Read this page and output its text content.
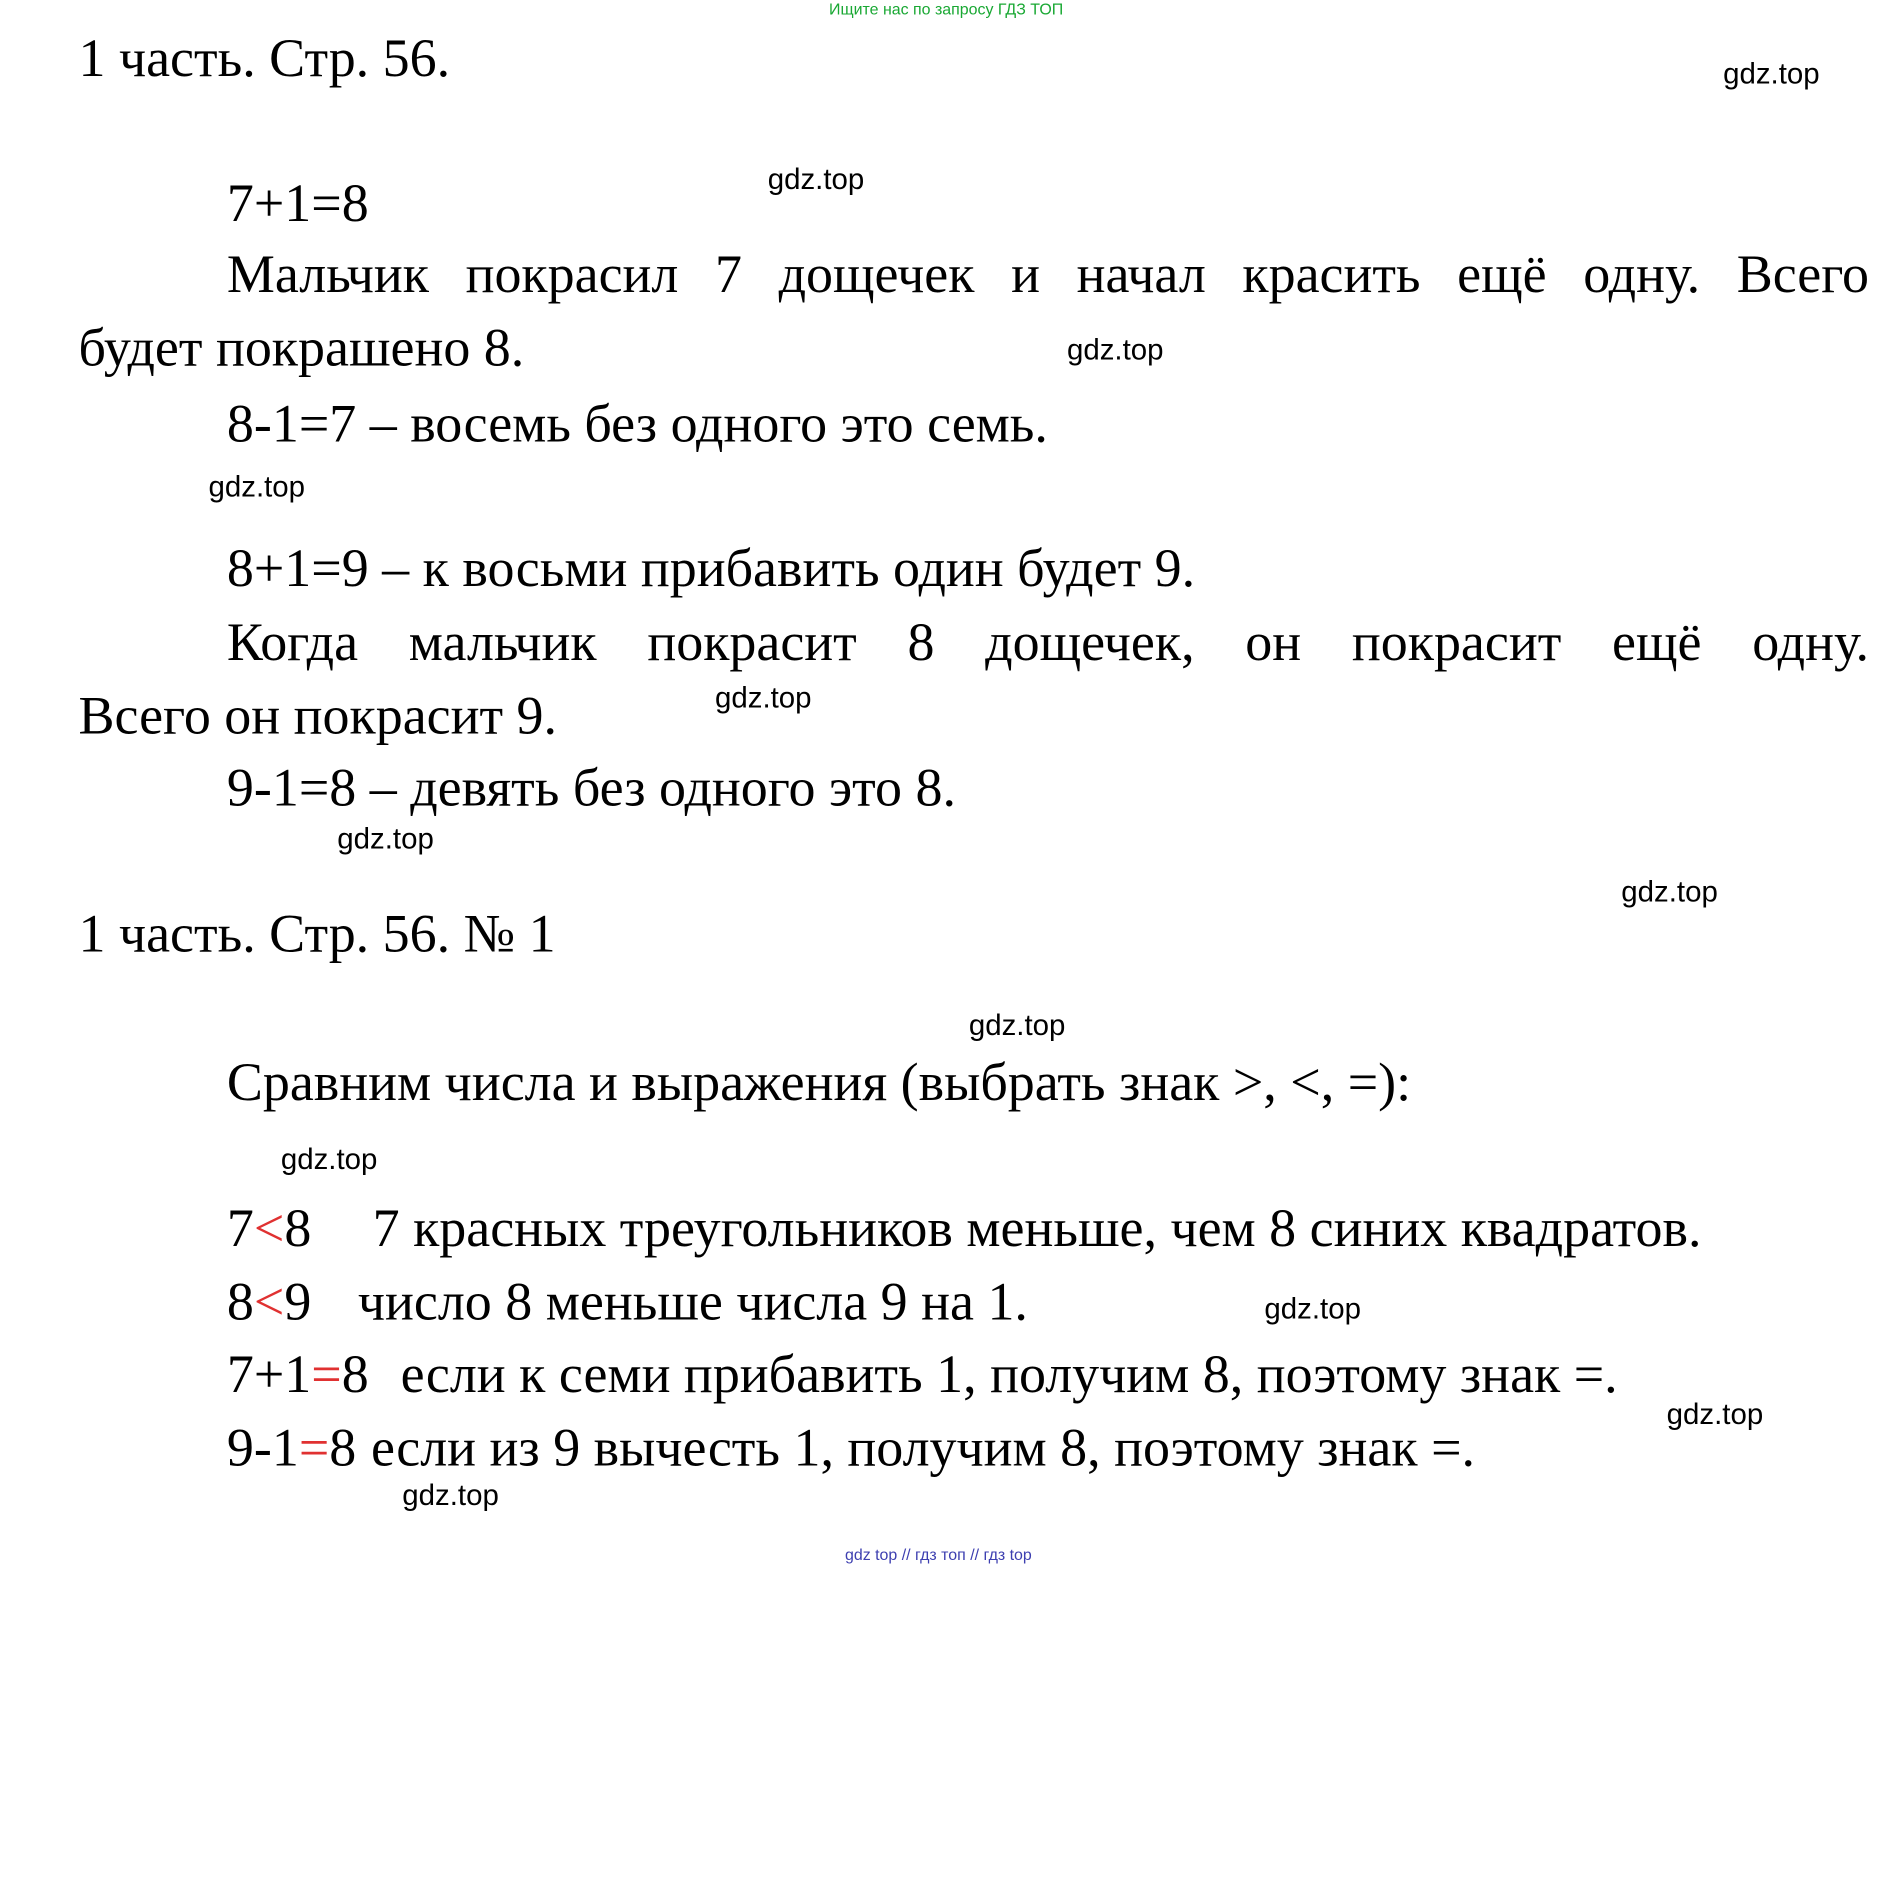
Ищите нас по запросу ГДЗ ТОП
1 часть. Стр. 56.
7+1=8
Мальчик покрасил 7 дощечек и начал красить ещё одну. Всего
будет покрашено 8.
8-1=7 – восемь без одного это семь.
8+1=9 – к восьми прибавить один будет 9.
Когда мальчик покрасит 8 дощечек, он покрасит ещё одну.
Всего он покрасит 9.
9-1=8 – девять без одного это 8.
1 часть. Стр. 56. № 1
Сравним числа и выражения (выбрать знак >, <, =):
7<8 7 красных треугольников меньше, чем 8 синих квадратов.
8<9 число 8 меньше числа 9 на 1.
7+1=8 если к семи прибавить 1, получим 8, поэтому знак =.
9-1=8 если из 9 вычесть 1, получим 8, поэтому знак =.
gdz.top
gdz.top
gdz.top
gdz.top
gdz.top
gdz.top
gdz.top
gdz.top
gdz.top
gdz.top
gdz.top
gdz.top
gdz top // гдз топ // гдз top
